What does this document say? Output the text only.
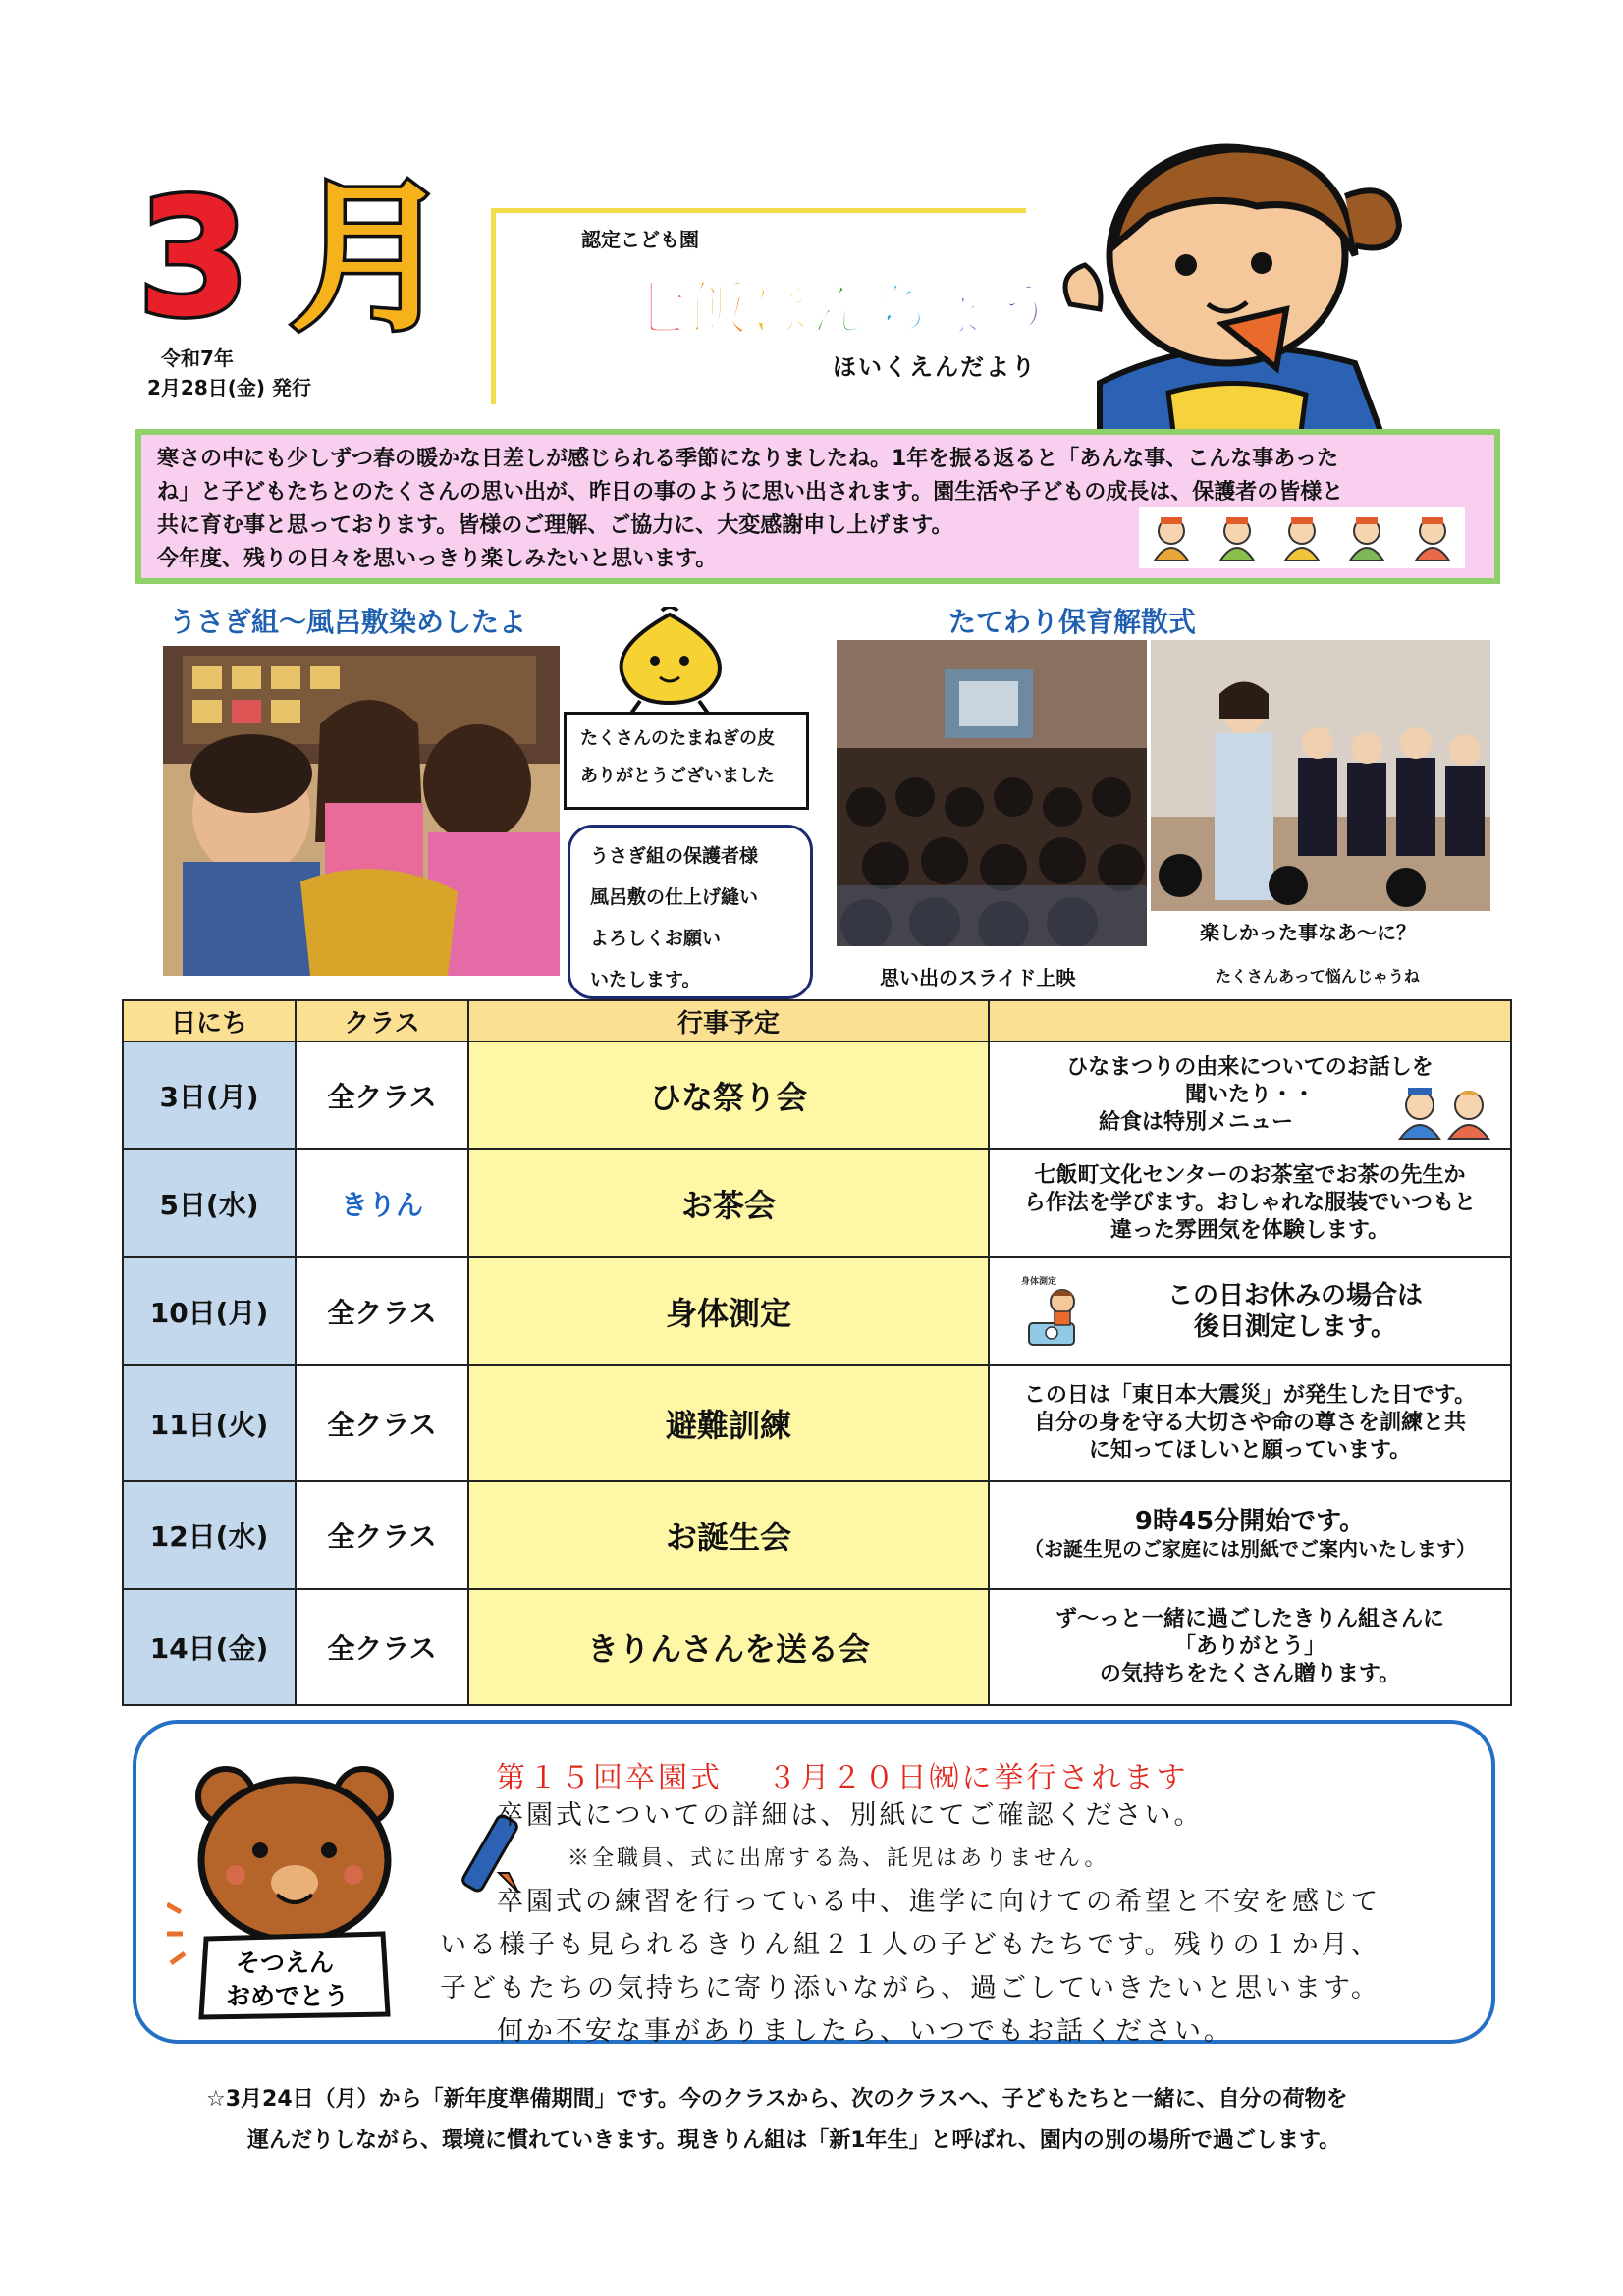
3月
令和7年
2月28日(金) 発行
認定こども園
七飯ほんちょう
ほいくえんだより

寒さの中にも少しずつ春の暖かな日差しが感じられる季節になりましたね。1年を振る返ると「あんな事、こんな事あった

ね」と子どもたちとのたくさんの思い出が、昨日の事のように思い出されます。園生活や子どもの成長は、保護者の皆様と

共に育む事と思っております。皆様のご理解、ご協力に、大変感謝申し上げます。

今年度、残りの日々を思いっきり楽しみたいと思います。

うさぎ組～風呂敷染めしたよ

たくさんのたまねぎの皮

ありがとうございました

うさぎ組の保護者様

風呂敷の仕上げ縫い

よろしくお願い

いたします。

たてわり保育解散式
楽しかった事なあ～に？
思い出のスライド上映	たくさんあって悩んじゃうね
日にち	クラス	行事予定	
3日(月)	全クラス	ひな祭り会	ひなまつりの由来についてのお話しを

聞いたり・・

給食は特別メニュー

5日(水)	きりん	お茶会	七飯町文化センターのお茶室でお茶の先生か

ら作法を学びます。おしゃれな服装でいつもと

違った雰囲気を体験します。

10日(月)	全クラス	身体測定	身体測定 この日お休みの場合は

後日測定します。

11日(火)	全クラス	避難訓練	この日は「東日本大震災」が発生した日です。

自分の身を守る大切さや命の尊さを訓練と共

に知ってほしいと願っています。

12日(水)	全クラス	お誕生会	9時45分開始です。

（お誕生児のご家庭には別紙でご案内いたします）

14日(金)	全クラス	きりんさんを送る会	ず～っと一緒に過ごしたきりん組さんに

「ありがとう」

の気持ちをたくさん贈ります。

第１５回卒園式　 ３月２０日㈷に挙行されます
そつえん
おめでとう

卒園式についての詳細は、別紙にてご確認ください。

※全職員、式に出席する為、託児はありません。

卒園式の練習を行っている中、進学に向けての希望と不安を感じて

いる様子も見られるきりん組２１人の子どもたちです。残りの１か月、

子どもたちの気持ちに寄り添いながら、過ごしていきたいと思います。

何か不安な事がありましたら、いつでもお話ください。

☆3月24日（月）から「新年度準備期間」です。今のクラスから、次のクラスへ、子どもたちと一緒に、自分の荷物を

運んだりしながら、環境に慣れていきます。現きりん組は「新1年生」と呼ばれ、園内の別の場所で過ごします。
